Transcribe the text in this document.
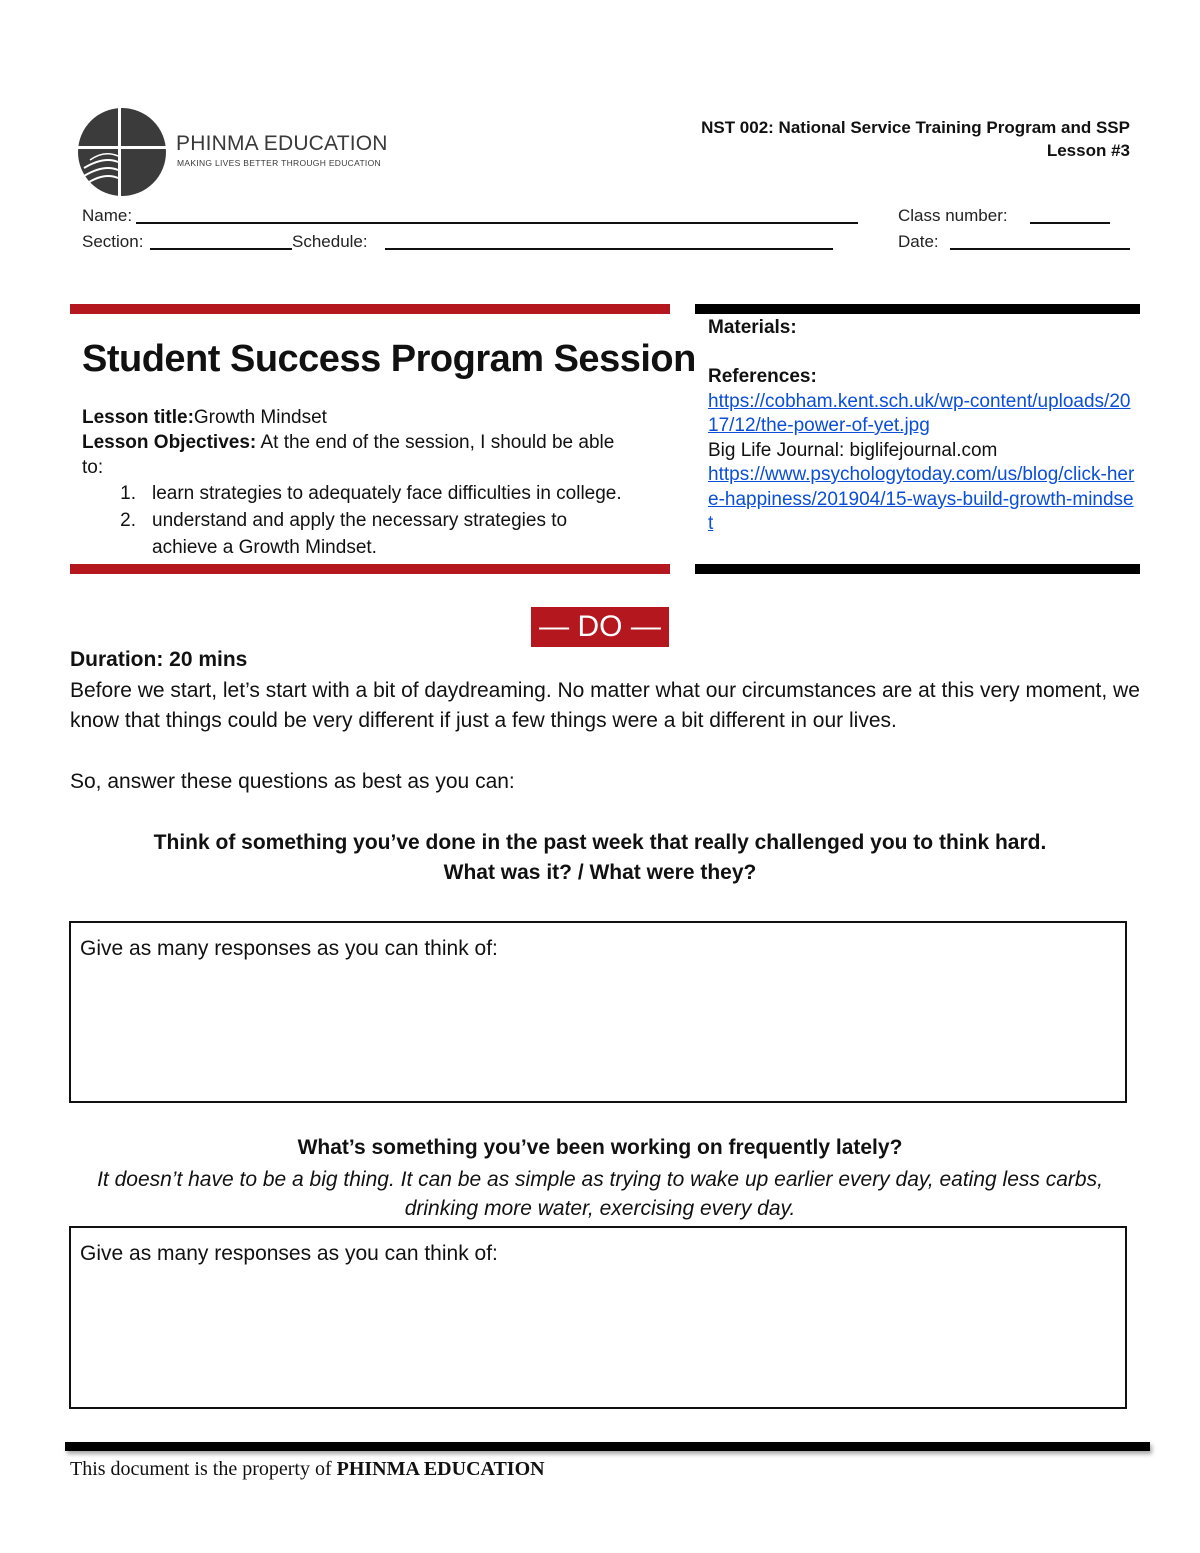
PHINMA EDUCATION
MAKING LIVES BETTER THROUGH EDUCATION
NST 002: National Service Training Program and SSP
Lesson #3
Name:	Class number:
Section:	Schedule:	Date:
Student Success Program Session
Lesson title:Growth Mindset
Lesson Objectives: At the end of the session, I should be able
to:
1. learn strategies to adequately face difficulties in college.
2. understand and apply the necessary strategies to achieve a Growth Mindset.
Materials:
References:
https://cobham.kent.sch.uk/wp-content/uploads/2017/12/the-power-of-yet.jpg
Big Life Journal: biglifejournal.com
https://www.psychologytoday.com/us/blog/click-here-happiness/201904/15-ways-build-growth-mindset
— DO —
Duration: 20 mins
Before we start, let’s start with a bit of daydreaming. No matter what our circumstances are at this very moment, we know that things could be very different if just a few things were a bit different in our lives.
So, answer these questions as best as you can:
Think of something you’ve done in the past week that really challenged you to think hard.
What was it? / What were they?
Give as many responses as you can think of:
What’s something you’ve been working on frequently lately?
It doesn’t have to be a big thing. It can be as simple as trying to wake up earlier every day, eating less carbs, drinking more water, exercising every day.
Give as many responses as you can think of:
This document is the property of PHINMA EDUCATION
